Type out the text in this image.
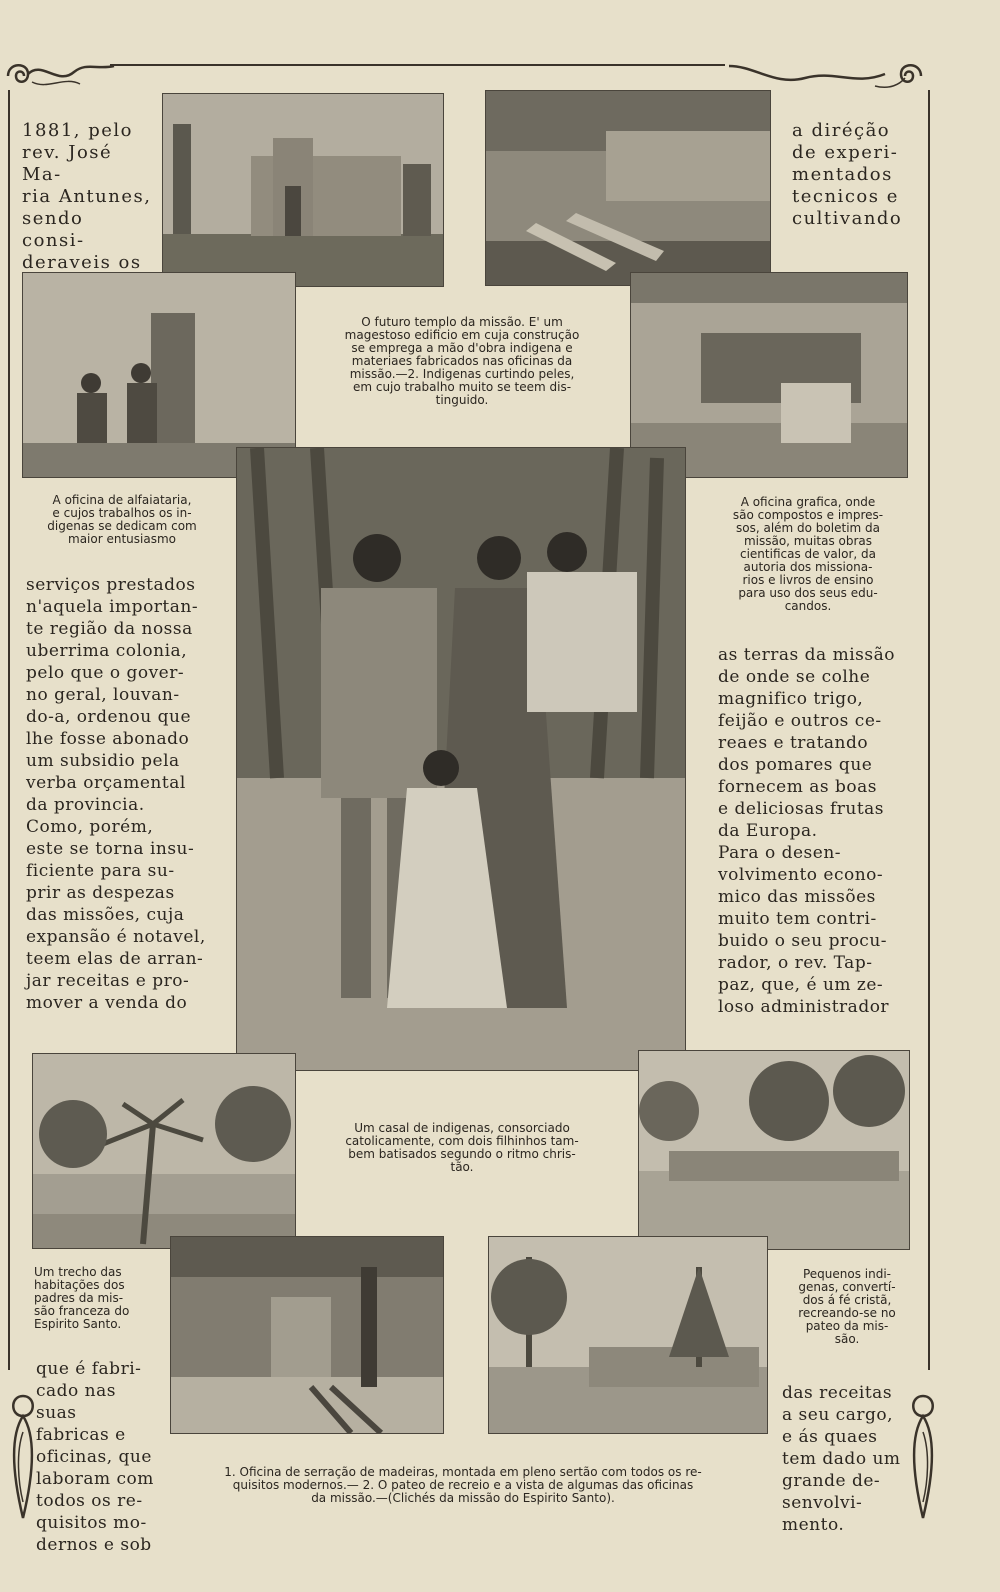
1881, pelo
rev. José Ma-
ria Antunes,
sendo consi-
deraveis os

a diréção
de experi-
mentados
tecnicos e
cultivando

serviços prestados
n'aquela importan-
te região da nossa
uberrima colonia,
pelo que o gover-
no geral, louvan-
do-a, ordenou que
lhe fosse abonado
um subsidio pela
verba orçamental
da provincia.
Como, porém,
este se torna insu-
ficiente para su-
prir as despezas
das missões, cuja
expansão é notavel,
teem elas de arran-
jar receitas e pro-
mover a venda do

as terras da missão
de onde se colhe
magnifico trigo,
feijão e outros ce-
reaes e tratando
dos pomares que
fornecem as boas
e deliciosas frutas
da Europa.
Para o desen-
volvimento econo-
mico das missões
muito tem contri-
buido o seu procu-
rador, o rev. Tap-
paz, que, é um ze-
loso administrador

que é fabri-
cado nas suas
fabricas e
oficinas, que
laboram com
todos os re-
quisitos mo-
dernos e sob

das receitas
a seu cargo,
e ás quaes
tem dado um
grande de-
senvolvi-
mento.

O futuro templo da missão. E' um
magestoso edificio em cuja construção
se emprega a mão d'obra indigena e
materiaes fabricados nas oficinas da
missão.—2. Indigenas curtindo peles,
em cujo trabalho muito se teem dis-
tinguido.

A oficina de alfaiataria,
e cujos trabalhos os in-
digenas se dedicam com
maior entusiasmo

A oficina grafica, onde
são compostos e impres-
sos, além do boletim da
missão, muitas obras
cientificas de valor, da
autoria dos missiona-
rios e livros de ensino
para uso dos seus edu-
candos.

Um casal de indigenas, consorciado
catolicamente, com dois filhinhos tam-
bem batisados segundo o ritmo chris-
tão.

Um trecho das
habitações dos
padres da mis-
são franceza do
Espirito Santo.

Pequenos indi-
genas, convertí-
dos á fé cristã,
recreando-se no
pateo da mis-
são.

1. Oficina de serração de madeiras, montada em pleno sertão com todos os re-
quisitos modernos.— 2. O pateo de recreio e a vista de algumas das oficinas
da missão.—(Clichés da missão do Espirito Santo).
